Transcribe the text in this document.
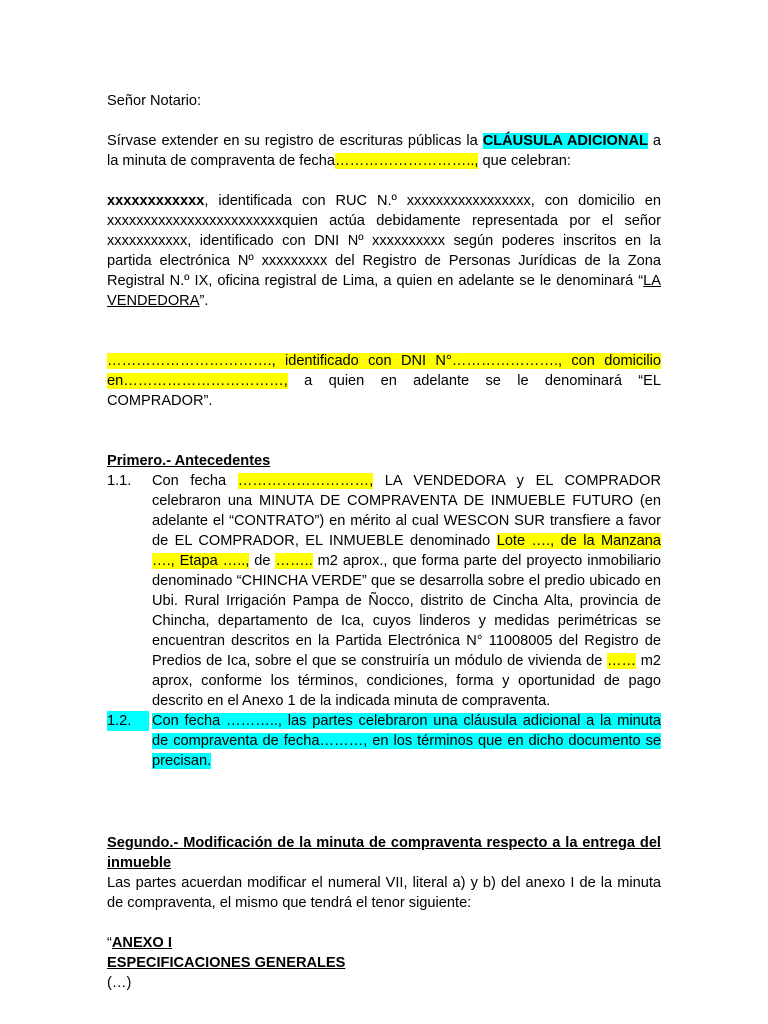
Señor Notario:

Sírvase extender en su registro de escrituras públicas la CLÁUSULA ADICIONAL a la minuta de compraventa de fecha……………………….., que celebran:

xxxxxxxxxxxx, identificada con RUC N.º xxxxxxxxxxxxxxxxx, con domicilio en xxxxxxxxxxxxxxxxxxxxxxxxquien actúa debidamente representada por el señor xxxxxxxxxxx, identificado con DNI Nº xxxxxxxxxx según poderes inscritos en la partida electrónica Nº xxxxxxxxx del Registro de Personas Jurídicas de la Zona Registral N.º IX, oficina registral de Lima, a quien en adelante se le denominará “LA VENDEDORA”.

……………………………., identificado con DNI N°…………………., con domicilio en……………………………, a quien en adelante se le denominará “EL COMPRADOR”.

Primero.- Antecedentes

1.1. Con fecha ………………………, LA VENDEDORA y EL COMPRADOR celebraron una MINUTA DE COMPRAVENTA DE INMUEBLE FUTURO (en adelante el “CONTRATO”) en mérito al cual WESCON SUR transfiere a favor de EL COMPRADOR, EL INMUEBLE denominado Lote …., de la Manzana …., Etapa ….., de …….. m2 aprox., que forma parte del proyecto inmobiliario denominado “CHINCHA VERDE” que se desarrolla sobre el predio ubicado en Ubi. Rural Irrigación Pampa de Ñocco, distrito de Cincha Alta, provincia de Chincha, departamento de Ica, cuyos linderos y medidas perimétricas se encuentran descritos en la Partida Electrónica N° 11008005 del Registro de Predios de Ica, sobre el que se construiría un módulo de vivienda de …… m2 aprox, conforme los términos, condiciones, forma y oportunidad de pago descrito en el Anexo 1 de la indicada minuta de compraventa.
1.2.	Con fecha ……….., las partes celebraron una cláusula adicional a la minuta de compraventa de fecha………, en los términos que en dicho documento se precisan.

Segundo.- Modificación de la minuta de compraventa respecto a la entrega del inmueble

Las partes acuerdan modificar el numeral VII, literal a) y b) del anexo I de la minuta de compraventa, el mismo que tendrá el tenor siguiente:

“ANEXO I

ESPECIFICACIONES GENERALES

(…)
